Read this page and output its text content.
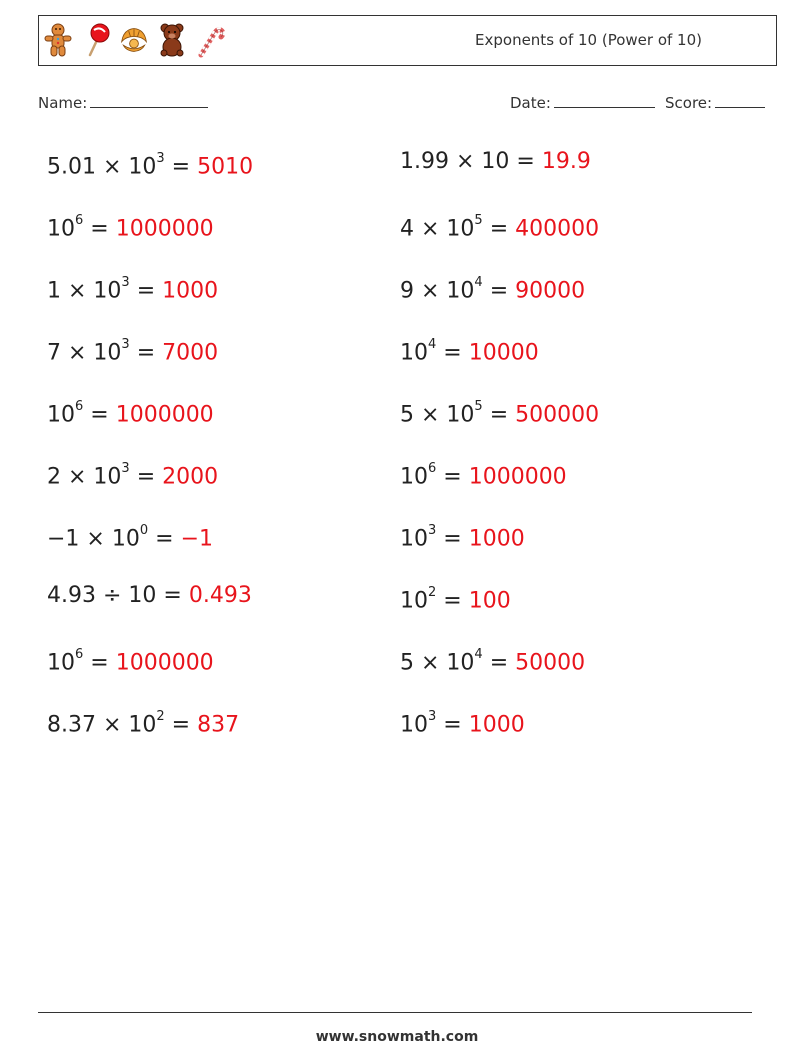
Exponents of 10 (Power of 10)
Name:	Date:	Score:
$5.01 \times 10^3 = 5010$
$10^6 = 1000000$
$1 \times 10^3 = 1000$
$7 \times 10^3 = 7000$
$10^6 = 1000000$
$2 \times 10^3 = 2000$
$-1 \times 10^0 = -1$
4.93 ÷ 10 = 0.493
$10^6 = 1000000$
$8.37 \times 10^2 = 837$
1.99 × 10 = 19.9
$4 \times 10^5 = 400000$
$9 \times 10^4 = 90000$
$10^4 = 10000$
$5 \times 10^5 = 500000$
$10^6 = 1000000$
$10^3 = 1000$
$10^2 = 100$
$5 \times 10^4 = 50000$
$10^3 = 1000$
www.snowmath.com
